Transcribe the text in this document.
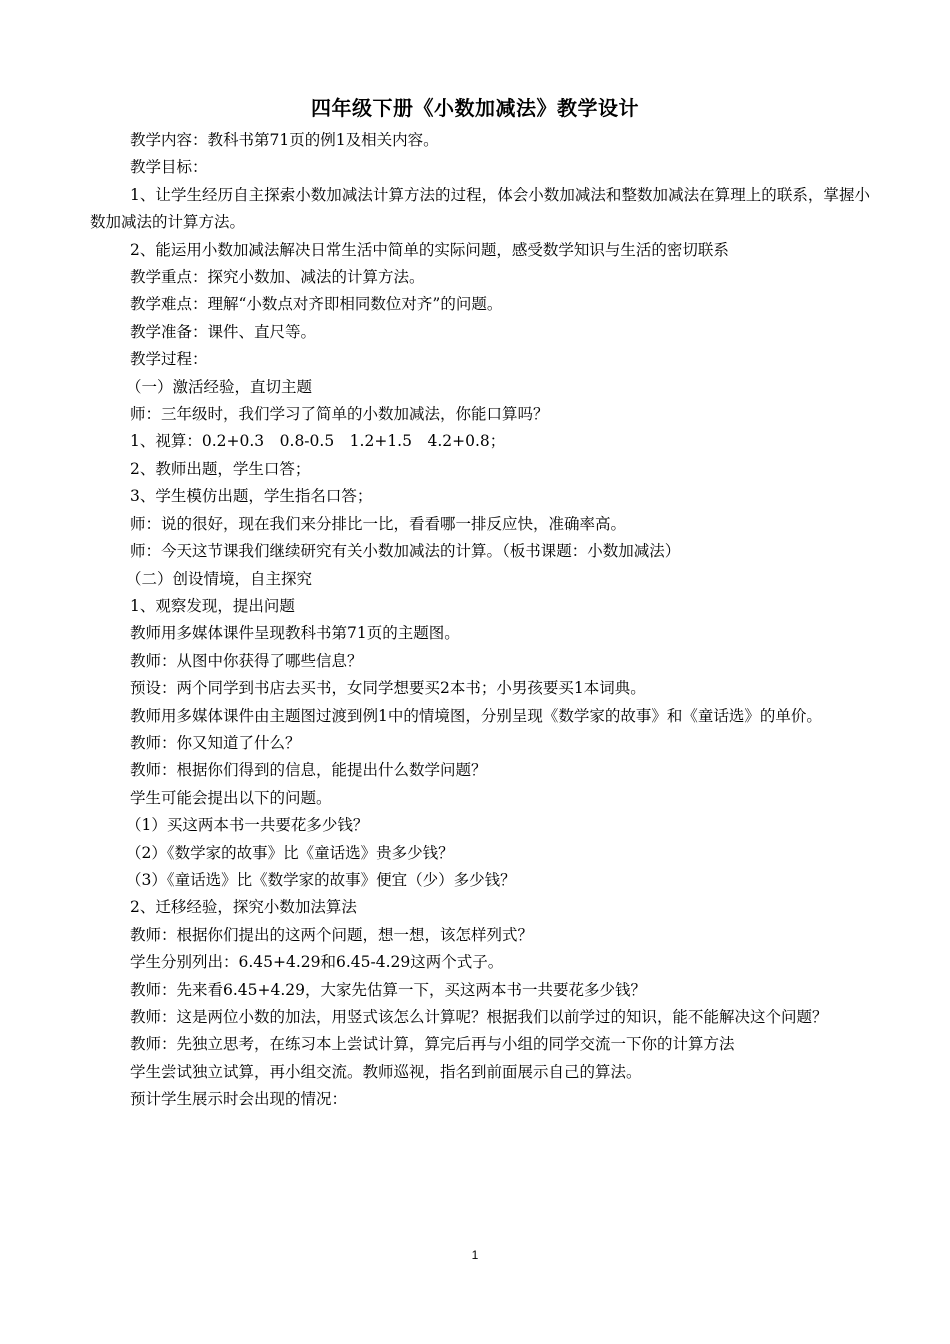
四年级下册《小数加减法》教学设计

教学内容：教科书第71页的例1及相关内容。

教学目标：

1、让学生经历自主探索小数加减法计算方法的过程，体会小数加减法和整数加减法在算理上的联系，掌握小数加减法的计算方法。

2、能运用小数加减法解决日常生活中简单的实际问题，感受数学知识与生活的密切联系

教学重点：探究小数加、减法的计算方法。

教学难点：理解“小数点对齐即相同数位对齐”的问题。

教学准备：课件、直尺等。

教学过程：

（一）激活经验，直切主题

师：三年级时，我们学习了简单的小数加减法，你能口算吗？

1、视算：0.2+0.3　0.8-0.5　1.2+1.5　4.2+0.8；

2、教师出题，学生口答；

3、学生模仿出题，学生指名口答；

师：说的很好，现在我们来分排比一比，看看哪一排反应快，准确率高。

师：今天这节课我们继续研究有关小数加减法的计算。（板书课题：小数加减法）

（二）创设情境，自主探究

1、观察发现，提出问题

教师用多媒体课件呈现教科书第71页的主题图。

教师：从图中你获得了哪些信息？

预设：两个同学到书店去买书，女同学想要买2本书；小男孩要买1本词典。

教师用多媒体课件由主题图过渡到例1中的情境图，分别呈现《数学家的故事》和《童话选》的单价。

教师：你又知道了什么？

教师：根据你们得到的信息，能提出什么数学问题？

学生可能会提出以下的问题。

（1）买这两本书一共要花多少钱？

（2）《数学家的故事》比《童话选》贵多少钱？

（3）《童话选》比《数学家的故事》便宜（少）多少钱？

2、迁移经验，探究小数加法算法

教师：根据你们提出的这两个问题，想一想，该怎样列式？

学生分别列出：6.45+4.29和6.45-4.29这两个式子。

教师：先来看6.45+4.29，大家先估算一下，买这两本书一共要花多少钱？

教师：这是两位小数的加法，用竖式该怎么计算呢？根据我们以前学过的知识，能不能解决这个问题？

教师：先独立思考，在练习本上尝试计算，算完后再与小组的同学交流一下你的计算方法

学生尝试独立试算，再小组交流。教师巡视，指名到前面展示自己的算法。

预计学生展示时会出现的情况：

1
